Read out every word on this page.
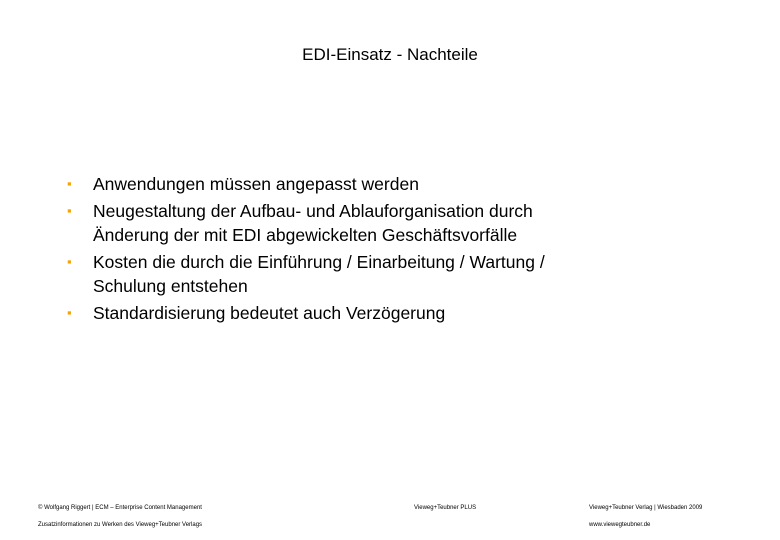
EDI-Einsatz - Nachteile
▪ Anwendungen müssen angepasst werden
▪ Neugestaltung der Aufbau- und Ablauforganisation durch
Änderung der mit EDI abgewickelten Geschäftsvorfälle
▪ Kosten die durch die Einführung / Einarbeitung / Wartung /
Schulung entstehen
▪ Standardisierung bedeutet auch Verzögerung
© Wolfgang Riggert | ECM – Enterprise Content Management
Zusatzinformationen zu Werken des Vieweg+Teubner Verlags
Vieweg+Teubner PLUS	Vieweg+Teubner Verlag | Wiesbaden 2009
www.viewegteubner.de
